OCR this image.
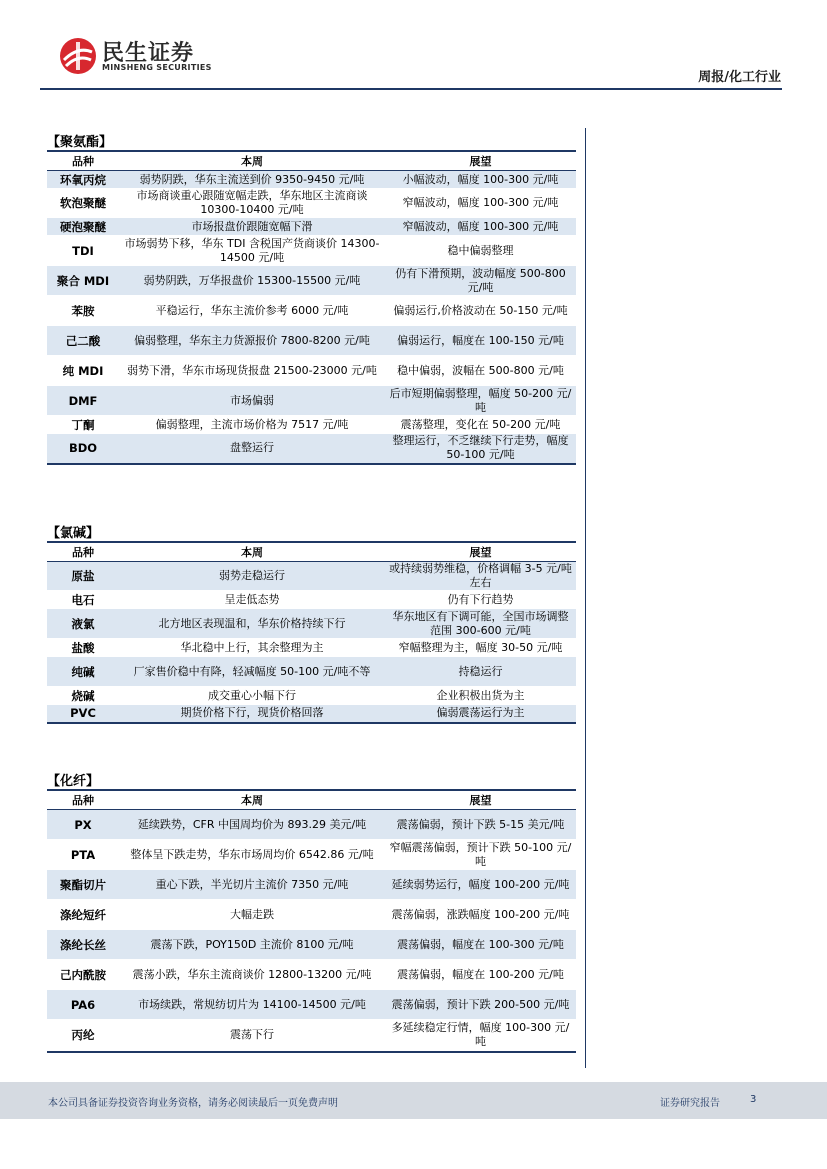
民生证券
MINSHENG SECURITIES
周报/化工行业
【聚氨酯】
品种	本周	展望
环氧丙烷	弱势阴跌，华东主流送到价 9350-9450 元/吨	小幅波动，幅度 100-300 元/吨
软泡聚醚	市场商谈重心跟随宽幅走跌，华东地区主流商谈 10300-10400 元/吨	窄幅波动，幅度 100-300 元/吨
硬泡聚醚	市场报盘价跟随宽幅下滑	窄幅波动，幅度 100-300 元/吨
TDI	市场弱势下移，华东 TDI 含税国产货商谈价 14300-14500 元/吨	稳中偏弱整理
聚合 MDI	弱势阴跌，万华报盘价 15300-15500 元/吨	仍有下滑预期，波动幅度 500-800 元/吨
苯胺	平稳运行，华东主流价参考 6000 元/吨	偏弱运行,价格波动在 50-150 元/吨
己二酸	偏弱整理，华东主力货源报价 7800-8200 元/吨	偏弱运行，幅度在 100-150 元/吨
纯 MDI	弱势下滑，华东市场现货报盘 21500-23000 元/吨	稳中偏弱，波幅在 500-800 元/吨
DMF	市场偏弱	后市短期偏弱整理，幅度 50-200 元/吨
丁酮	偏弱整理，主流市场价格为 7517 元/吨	震荡整理，变化在 50-200 元/吨
BDO	盘整运行	整理运行，不乏继续下行走势，幅度 50-100 元/吨
【氯碱】
品种	本周	展望
原盐	弱势走稳运行	或持续弱势维稳，价格调幅 3-5 元/吨左右
电石	呈走低态势	仍有下行趋势
液氯	北方地区表现温和，华东价格持续下行	华东地区有下调可能，全国市场调整范围 300-600 元/吨
盐酸	华北稳中上行，其余整理为主	窄幅整理为主，幅度 30-50 元/吨
纯碱	厂家售价稳中有降，轻减幅度 50-100 元/吨不等	持稳运行
烧碱	成交重心小幅下行	企业积极出货为主
PVC	期货价格下行，现货价格回落	偏弱震荡运行为主
【化纤】
品种	本周	展望
PX	延续跌势，CFR 中国周均价为 893.29 美元/吨	震荡偏弱，预计下跌 5-15 美元/吨
PTA	整体呈下跌走势，华东市场周均价 6542.86 元/吨	窄幅震荡偏弱，预计下跌 50-100 元/吨
聚酯切片	重心下跌，半光切片主流价 7350 元/吨	延续弱势运行，幅度 100-200 元/吨
涤纶短纤	大幅走跌	震荡偏弱，涨跌幅度 100-200 元/吨
涤纶长丝	震荡下跌，POY150D 主流价 8100 元/吨	震荡偏弱，幅度在 100-300 元/吨
己内酰胺	震荡小跌，华东主流商谈价 12800-13200 元/吨	震荡偏弱，幅度在 100-200 元/吨
PA6	市场续跌，常规纺切片为 14100-14500 元/吨	震荡偏弱，预计下跌 200-500 元/吨
丙纶	震荡下行	多延续稳定行情，幅度 100-300 元/吨
本公司具备证券投资咨询业务资格，请务必阅读最后一页免费声明	证券研究报告	3
